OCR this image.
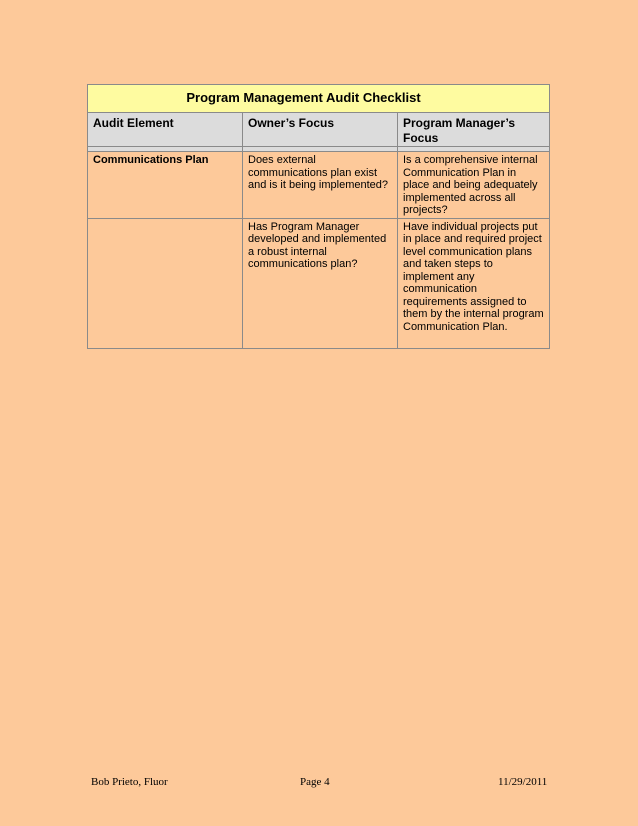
Program Management Audit Checklist		
Audit Element	Owner’s Focus	Program Manager’s Focus

Communications Plan	Does external communications plan exist and is it being implemented?	Is a comprehensive internal Communication Plan in place and being adequately implemented across all projects?
	Has Program Manager developed and implemented a robust internal communications plan?	Have individual projects put in place and required project level communication plans and taken steps to implement any communication requirements assigned to them by the internal program Communication Plan.
Bob Prieto, Fluor	Page 4	11/29/2011
